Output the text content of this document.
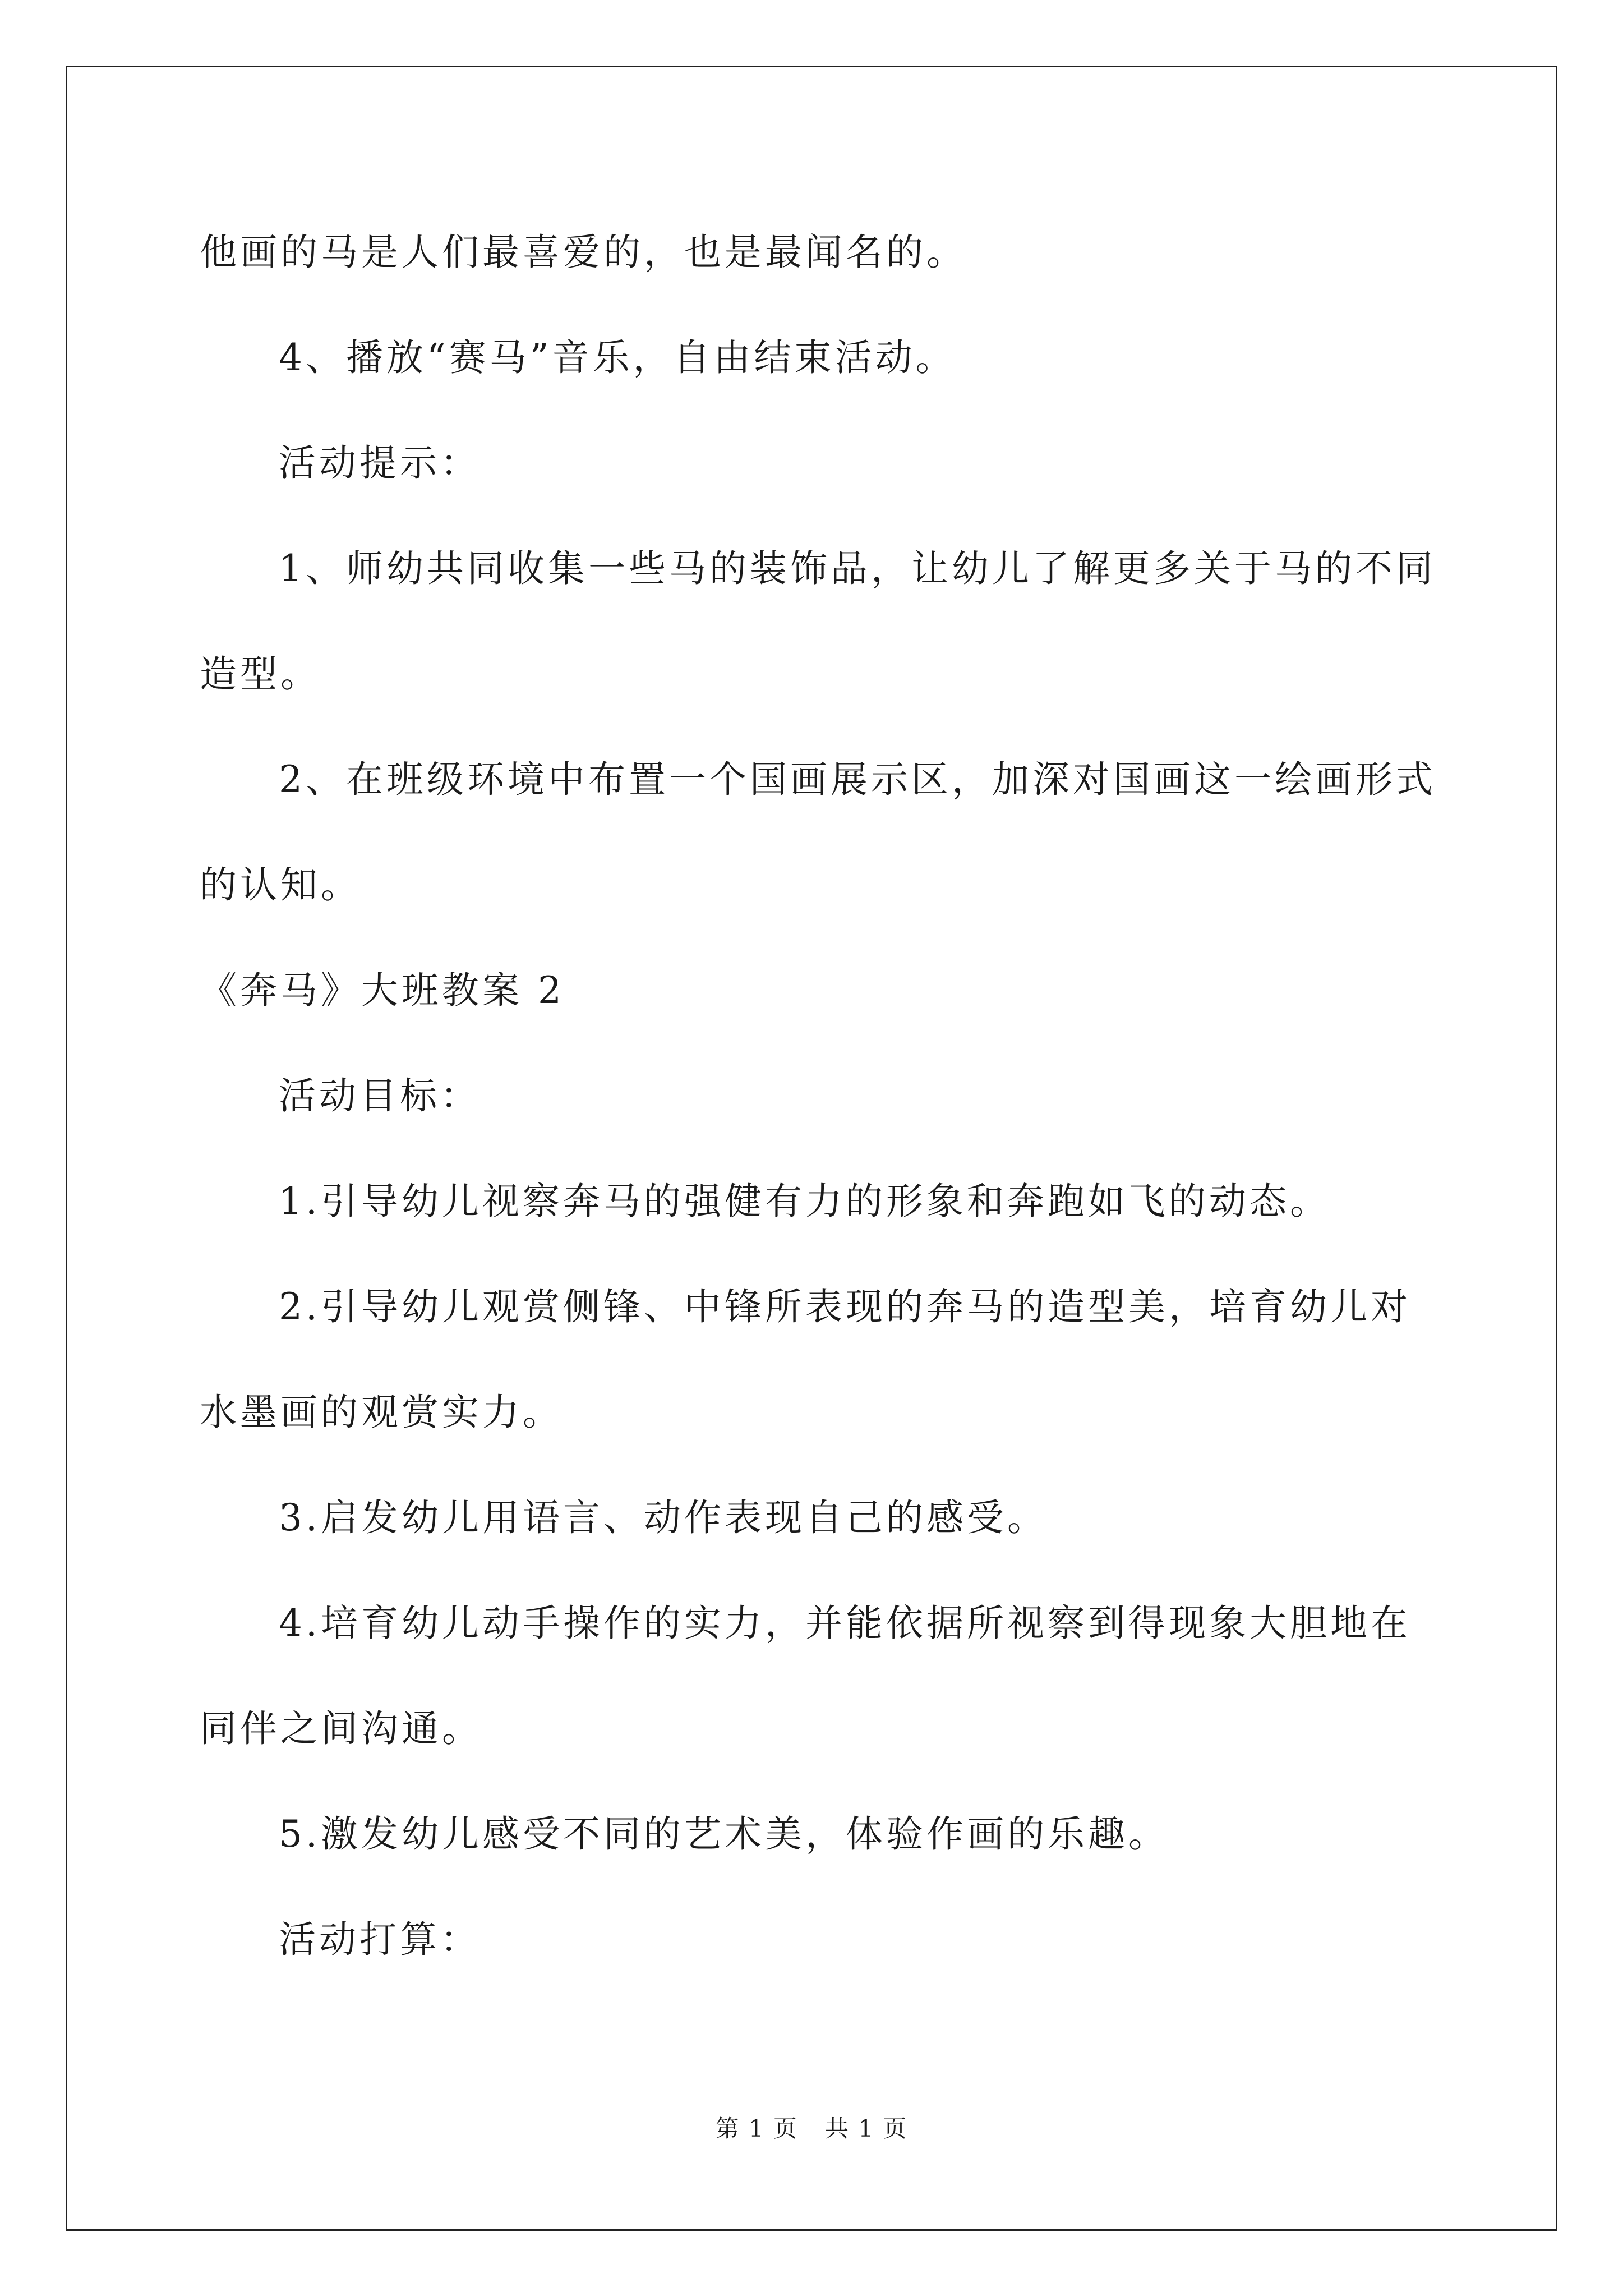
他画的马是人们最喜爱的，也是最闻名的。
4、播放“赛马”音乐，自由结束活动。
活动提示：
1、师幼共同收集一些马的装饰品，让幼儿了解更多关于马的不同
造型。
2、在班级环境中布置一个国画展示区，加深对国画这一绘画形式
的认知。
《奔马》大班教案 2
活动目标：
1.引导幼儿视察奔马的强健有力的形象和奔跑如飞的动态。
2.引导幼儿观赏侧锋、中锋所表现的奔马的造型美，培育幼儿对
水墨画的观赏实力。
3.启发幼儿用语言、动作表现自己的感受。
4.培育幼儿动手操作的实力，并能依据所视察到得现象大胆地在
同伴之间沟通。
5.激发幼儿感受不同的艺术美，体验作画的乐趣。
活动打算：
第 1 页 共 1 页
